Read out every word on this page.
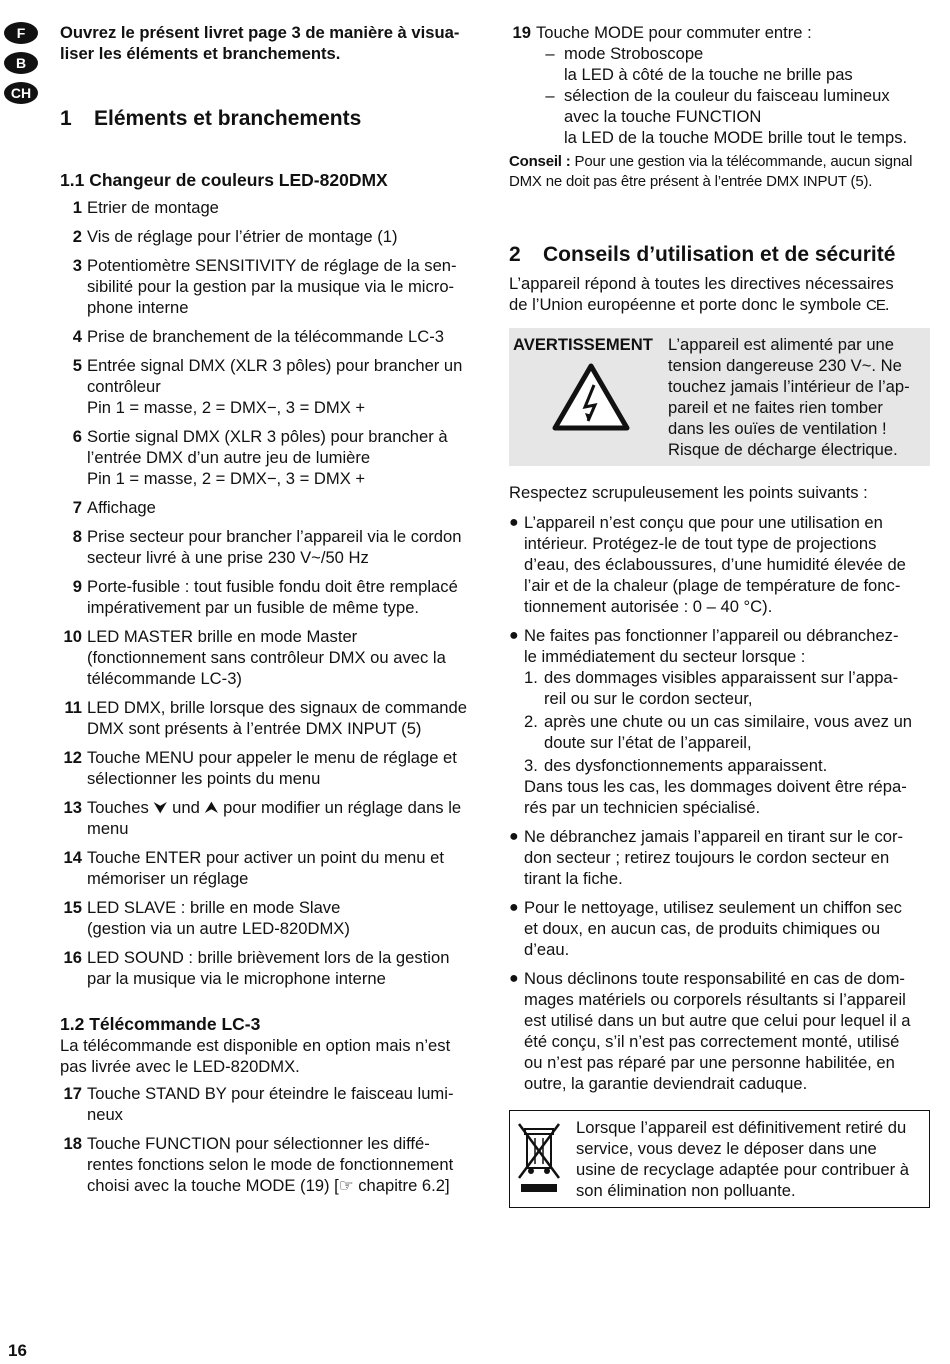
F
B
CH

Ouvrez le présent livret page 3 de manière à visua-
liser les éléments et branchements.

1	Eléments et branchements
1.1 Changeur de couleurs LED-820DMX
1 Etrier de montage
2 Vis de réglage pour l’étrier de montage (1)
3 Potentiomètre SENSITIVITY de réglage de la sen-
sibilité pour la gestion par la musique via le micro-
phone interne
4 Prise de branchement de la télécommande LC-3
5 Entrée signal DMX (XLR 3 pôles) pour brancher un
contrôleur
Pin 1 = masse, 2 = DMX−, 3 = DMX +
6 Sortie signal DMX (XLR 3 pôles) pour brancher à
l’entrée DMX d’un autre jeu de lumière
Pin 1 = masse, 2 = DMX−, 3 = DMX +
7 Affichage
8 Prise secteur pour brancher l’appareil via le cordon
secteur livré à une prise 230 V~/50 Hz
9 Porte-fusible : tout fusible fondu doit être remplacé
impérativement par un fusible de même type.
10 LED MASTER brille en mode Master
(fonctionnement sans contrôleur DMX ou avec la
télécommande LC-3)
11 LED DMX, brille lorsque des signaux de commande
DMX sont présents à l’entrée DMX INPUT (5)
12 Touche MENU pour appeler le menu de réglage et
sélectionner les points du menu
13 Touches ⮟ und ⮝ pour modifier un réglage dans le
menu
14 Touche ENTER pour activer un point du menu et
mémoriser un réglage
15 LED SLAVE : brille en mode Slave
(gestion via un autre LED-820DMX)
16 LED SOUND : brille brièvement lors de la gestion
par la musique via le microphone interne
1.2 Télécommande LC-3

La télécommande est disponible en option mais n’est
pas livrée avec le LED-820DMX.

17 Touche STAND BY pour éteindre le faisceau lumi-
neux
18 Touche FUNCTION pour sélectionner les diffé-
rentes fonctions selon le mode de fonctionnement
choisi avec la touche MODE (19) [☞ chapitre 6.2]
19 Touche MODE pour commuter entre :
– mode Stroboscope
la LED à côté de la touche ne brille pas
– sélection de la couleur du faisceau lumineux
avec la touche FUNCTION
la LED de la touche MODE brille tout le temps.

Conseil : Pour une gestion via la télécommande, aucun signal
DMX ne doit pas être présent à l’entrée DMX INPUT (5).

2	Conseils d’utilisation et de sécurité

L’appareil répond à toutes les directives nécessaires
de l’Union européenne et porte donc le symbole CE.

AVERTISSEMENT L’appareil est alimenté par une
tension dangereuse 230 V~. Ne
touchez jamais l’intérieur de l’ap-
pareil et ne faites rien tomber
dans les ouïes de ventilation !
Risque de décharge électrique.

Respectez scrupuleusement les points suivants :

● L’appareil n’est conçu que pour une utilisation en
intérieur. Protégez-le de tout type de projections
d’eau, des éclaboussures, d’une humidité élevée de
l’air et de la chaleur (plage de température de fonc-
tionnement autorisée : 0 – 40 °C).
● Ne faites pas fonctionner l’appareil ou débranchez-
le immédiatement du secteur lorsque :
1. des dommages visibles apparaissent sur l’appa-
reil ou sur le cordon secteur,
2. après une chute ou un cas similaire, vous avez un
doute sur l’état de l’appareil,
3. des dysfonctionnements apparaissent.
Dans tous les cas, les dommages doivent être répa-
rés par un technicien spécialisé.
● Ne débranchez jamais l’appareil en tirant sur le cor-
don secteur ; retirez toujours le cordon secteur en
tirant la fiche.
● Pour le nettoyage, utilisez seulement un chiffon sec
et doux, en aucun cas, de produits chimiques ou
d’eau.
● Nous déclinons toute responsabilité en cas de dom-
mages matériels ou corporels résultants si l’appareil
est utilisé dans un but autre que celui pour lequel il a
été conçu, s’il n’est pas correctement monté, utilisé
ou n’est pas réparé par une personne habilitée, en
outre, la garantie deviendrait caduque.
Lorsque l’appareil est définitivement retiré du
service, vous devez le déposer dans une
usine de recyclage adaptée pour contribuer à
son élimination non polluante.
16
